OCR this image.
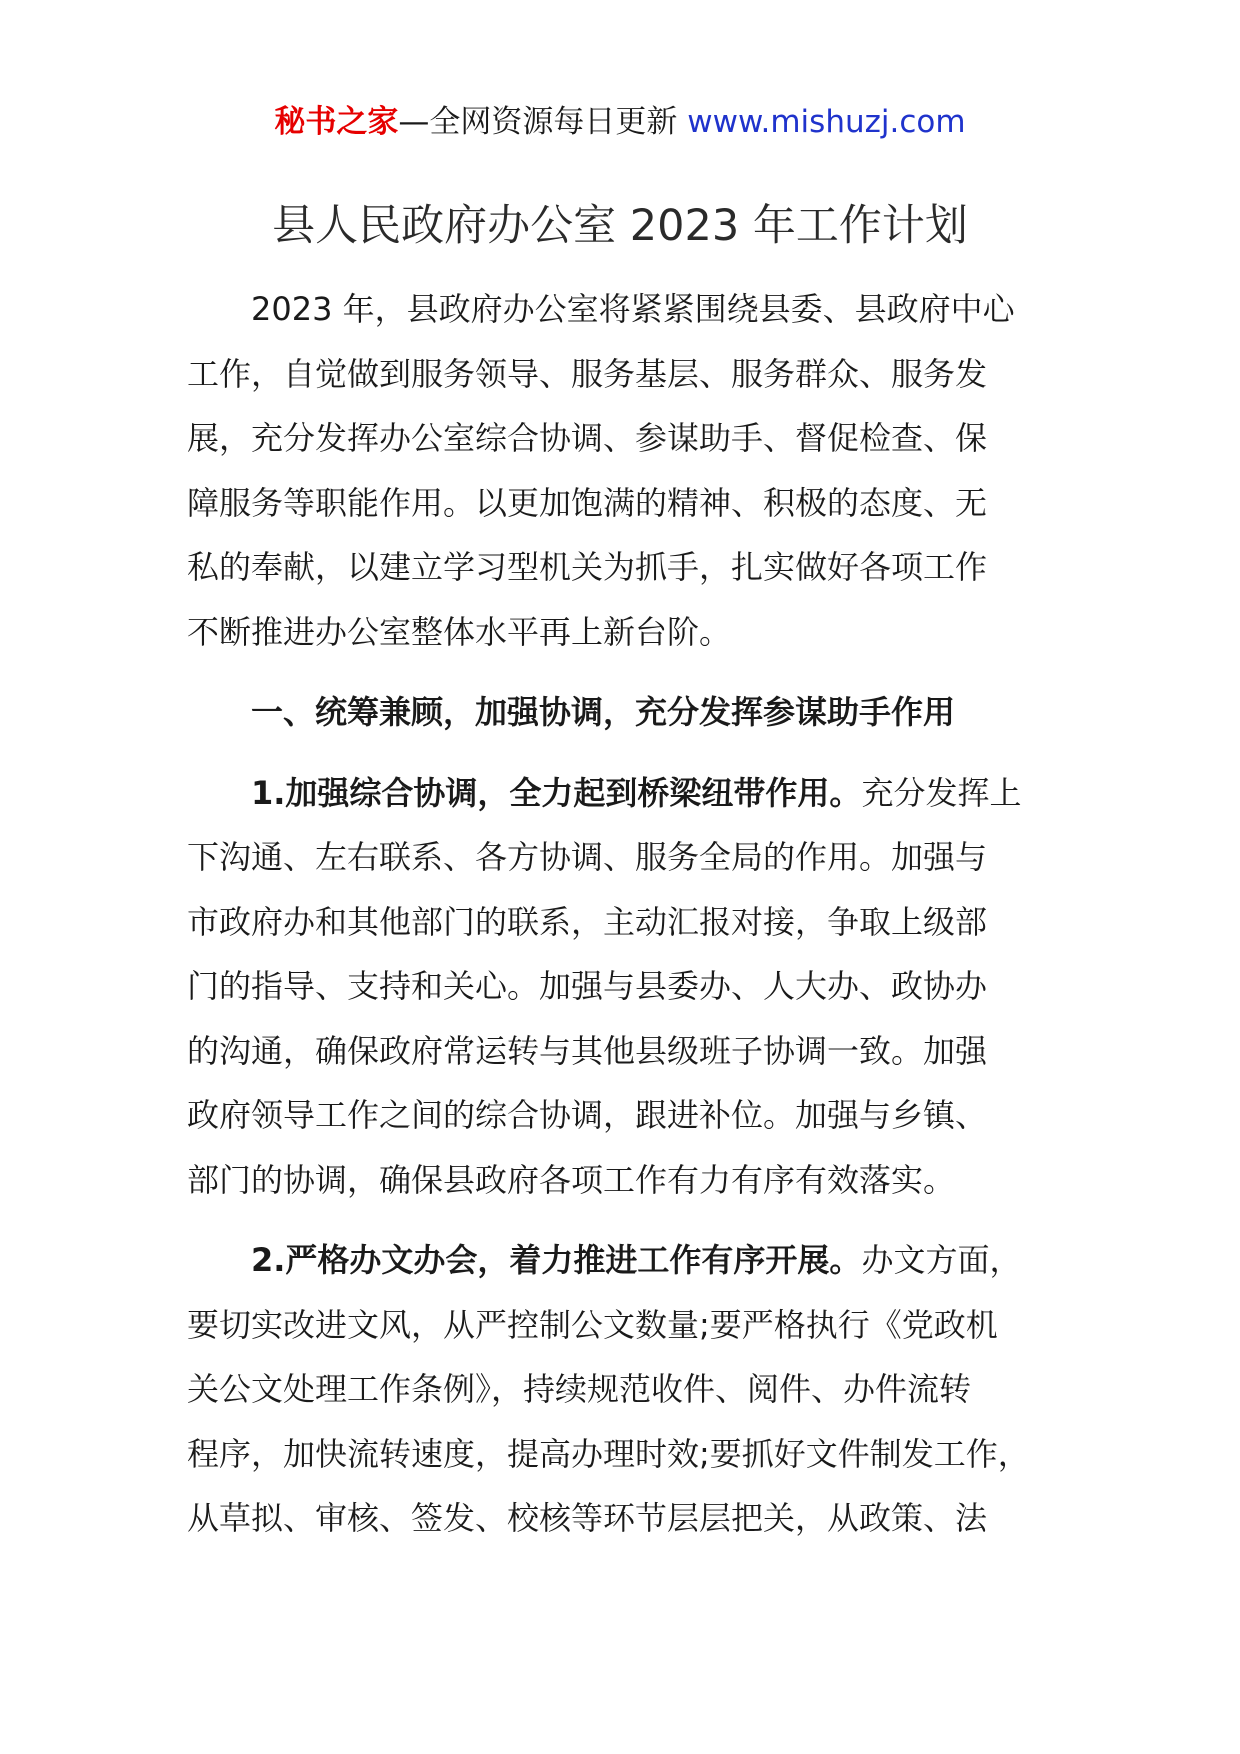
秘书之家—全网资源每日更新 www.mishuzj.com
县人民政府办公室 2023 年工作计划
2023 年，县政府办公室将紧紧围绕县委、县政府中心
工作，自觉做到服务领导、服务基层、服务群众、服务发
展，充分发挥办公室综合协调、参谋助手、督促检查、保
障服务等职能作用。以更加饱满的精神、积极的态度、无
私的奉献，以建立学习型机关为抓手，扎实做好各项工作
不断推进办公室整体水平再上新台阶。
一、统筹兼顾，加强协调，充分发挥参谋助手作用
1.加强综合协调，全力起到桥梁纽带作用。充分发挥上
下沟通、左右联系、各方协调、服务全局的作用。加强与
市政府办和其他部门的联系，主动汇报对接，争取上级部
门的指导、支持和关心。加强与县委办、人大办、政协办
的沟通，确保政府常运转与其他县级班子协调一致。加强
政府领导工作之间的综合协调，跟进补位。加强与乡镇、
部门的协调，确保县政府各项工作有力有序有效落实。
2.严格办文办会，着力推进工作有序开展。办文方面，
要切实改进文风，从严控制公文数量;要严格执行《党政机
关公文处理工作条例》，持续规范收件、阅件、办件流转
程序，加快流转速度，提高办理时效;要抓好文件制发工作，
从草拟、审核、签发、校核等环节层层把关，从政策、法
